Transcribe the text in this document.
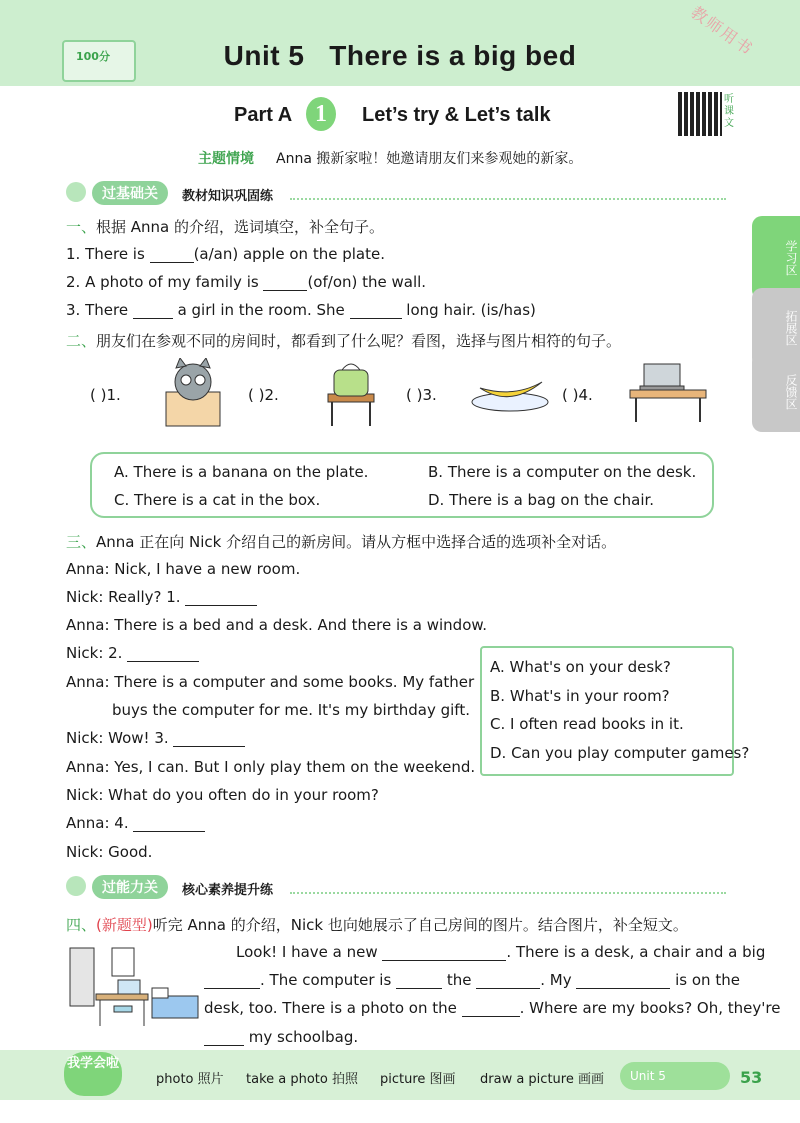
100分	教师用书
Unit 5   There is a big bed
Part A 1	Let’s try & Let’s talk
听课文
主题情境 Anna 搬新家啦！她邀请朋友们来参观她的新家。
学习区
拓展区
反馈区
过基础关	教材知识巩固练
一、根据 Anna 的介绍，选词填空，补全句子。
1. There is	(a/an) apple on the plate.
2. A photo of my family is	(of/on) the wall.
3. There	a girl in the room. She	long hair. (is/has)
二、朋友们在参观不同的房间时，都看到了什么呢？看图，选择与图片相符的句子。
( )1.	( )2.	( )3.	( )4.
A. There is a banana on the plate.	B. There is a computer on the desk.
C. There is a cat in the box.	D. There is a bag on the chair.
三、Anna 正在向 Nick 介绍自己的新房间。请从方框中选择合适的选项补全对话。
Anna: Nick, I have a new room.
Nick: Really? 1.
Anna: There is a bed and a desk. And there is a window.
Nick: 2.
Anna: There is a computer and some books. My father
buys the computer for me. It's my birthday gift.
Nick: Wow! 3.
Anna: Yes, I can. But I only play them on the weekend.
Nick: What do you often do in your room?
Anna: 4.
Nick: Good.
A. What's on your desk?
B. What's in your room?
C. I often read books in it.
D. Can you play computer games?
过能力关	核心素养提升练
四、(新题型)听完 Anna 的介绍，Nick 也向她展示了自己房间的图片。结合图片，补全短文。
Look! I have a new	. There is a desk, a chair and a big
. The computer is	the	. My	is on the
desk, too. There is a photo on the	. Where are my books? Oh, they're
my schoolbag.
我学会啦
photo 照片 take a photo 拍照 picture 图画 draw a picture 画画	Unit 5	53
